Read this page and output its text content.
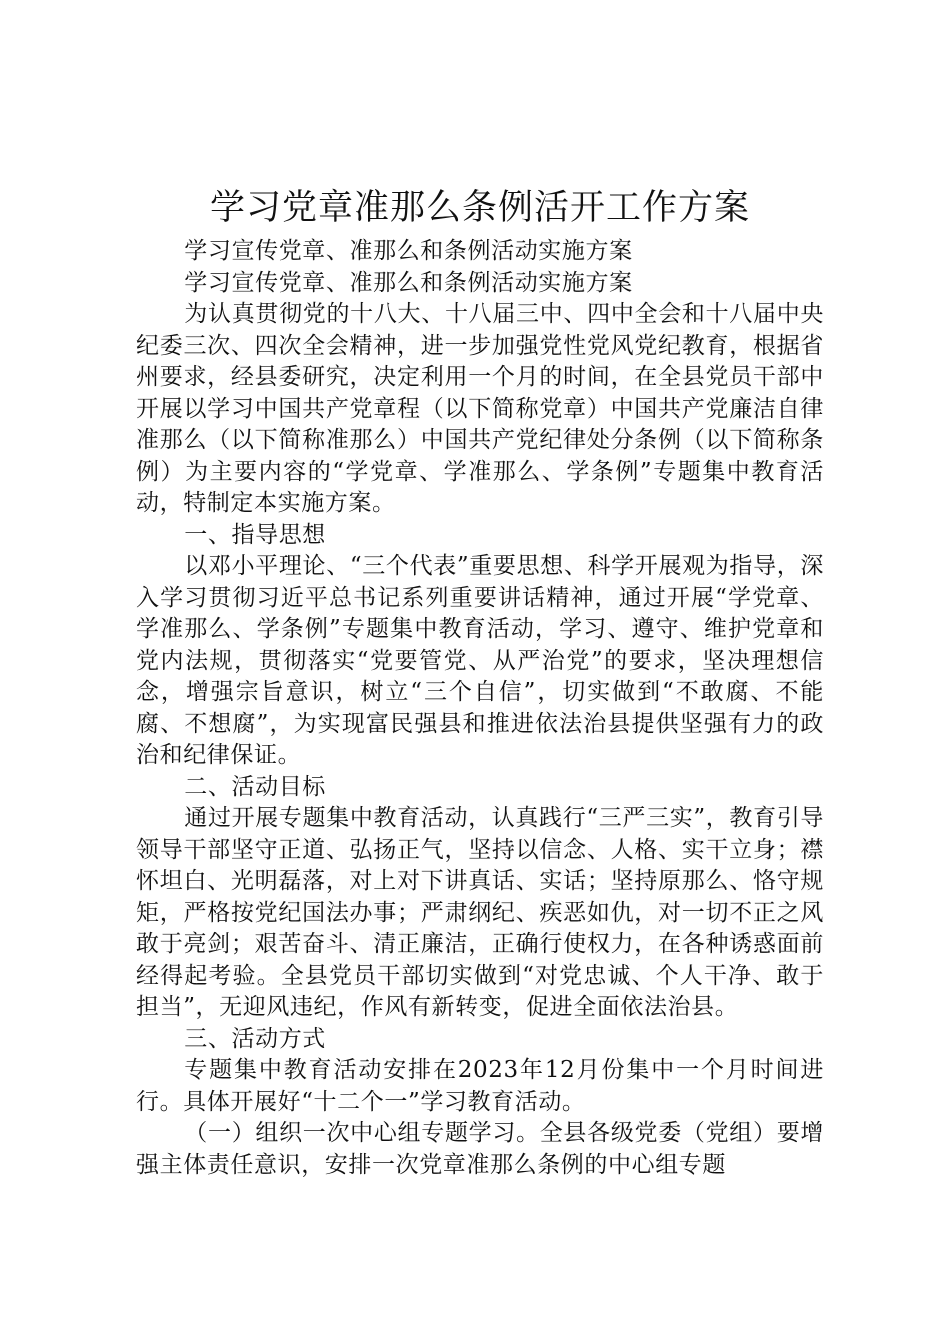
学习党章准那么条例活开工作方案

学习宣传党章、准那么和条例活动实施方案

学习宣传党章、准那么和条例活动实施方案

为认真贯彻党的十八大、十八届三中、四中全会和十八届中央纪委三次、四次全会精神，进一步加强党性党风党纪教育，根据省州要求，经县委研究，决定利用一个月的时间，在全县党员干部中开展以学习中国共产党章程（以下简称党章）中国共产党廉洁自律准那么（以下简称准那么）中国共产党纪律处分条例（以下简称条例）为主要内容的“学党章、学准那么、学条例”专题集中教育活动，特制定本实施方案。

一、指导思想

以邓小平理论、“三个代表”重要思想、科学开展观为指导，深入学习贯彻习近平总书记系列重要讲话精神，通过开展“学党章、学准那么、学条例”专题集中教育活动，学习、遵守、维护党章和党内法规，贯彻落实“党要管党、从严治党”的要求，坚决理想信念，增强宗旨意识，树立“三个自信”，切实做到“不敢腐、不能腐、不想腐”，为实现富民强县和推进依法治县提供坚强有力的政治和纪律保证。

二、活动目标

通过开展专题集中教育活动，认真践行“三严三实”，教育引导领导干部坚守正道、弘扬正气，坚持以信念、人格、实干立身；襟怀坦白、光明磊落，对上对下讲真话、实话；坚持原那么、恪守规矩，严格按党纪国法办事；严肃纲纪、疾恶如仇，对一切不正之风敢于亮剑；艰苦奋斗、清正廉洁，正确行使权力，在各种诱惑面前经得起考验。全县党员干部切实做到“对党忠诚、个人干净、敢于担当”，无迎风违纪，作风有新转变，促进全面依法治县。

三、活动方式

专题集中教育活动安排在2023年12月份集中一个月时间进行。具体开展好“十二个一”学习教育活动。

（一）组织一次中心组专题学习。全县各级党委（党组）要增强主体责任意识，安排一次党章准那么条例的中心组专题
